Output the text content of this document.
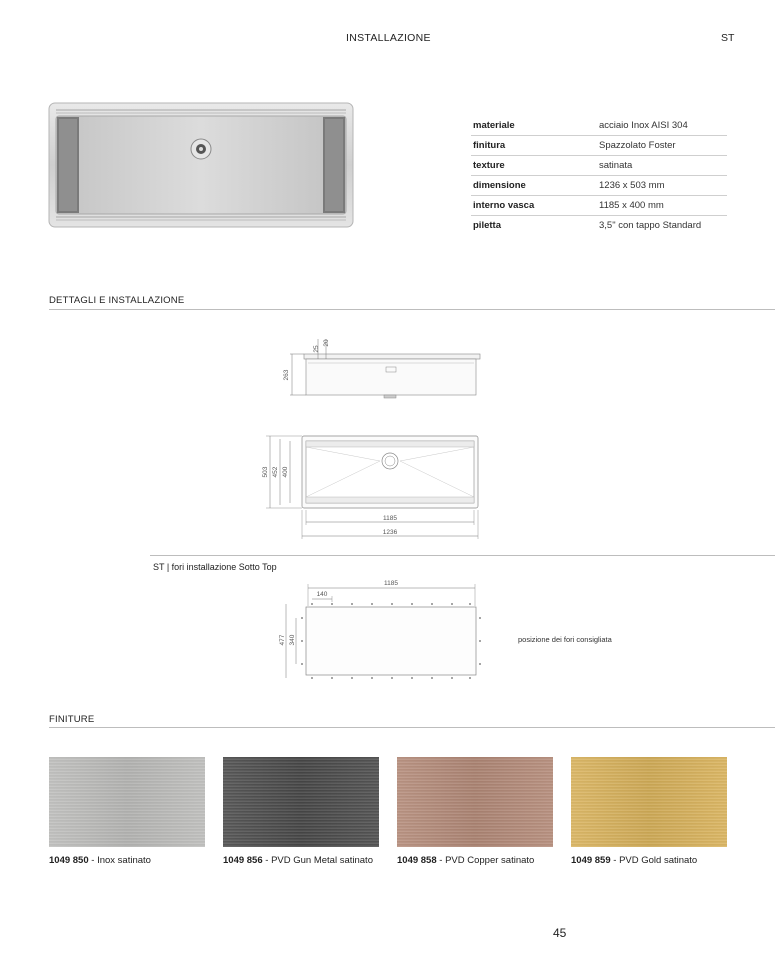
INSTALLAZIONE	ST
materiale	acciaio Inox AISI 304
finitura	Spazzolato Foster
texture	satinata
dimensione	1236 x 503 mm
interno vasca	1185 x 400 mm
piletta	3,5" con tappo Standard
DETTAGLI E INSTALLAZIONE
25
20
263
503 452 400
1185
1236
ST | fori installazione Sotto Top
1185
140
477 340	posizione dei fori consigliata
FINITURE
1049 850 - Inox satinato	1049 856 - PVD Gun Metal satinato	1049 858 - PVD Copper satinato	1049 859 - PVD Gold satinato
45
